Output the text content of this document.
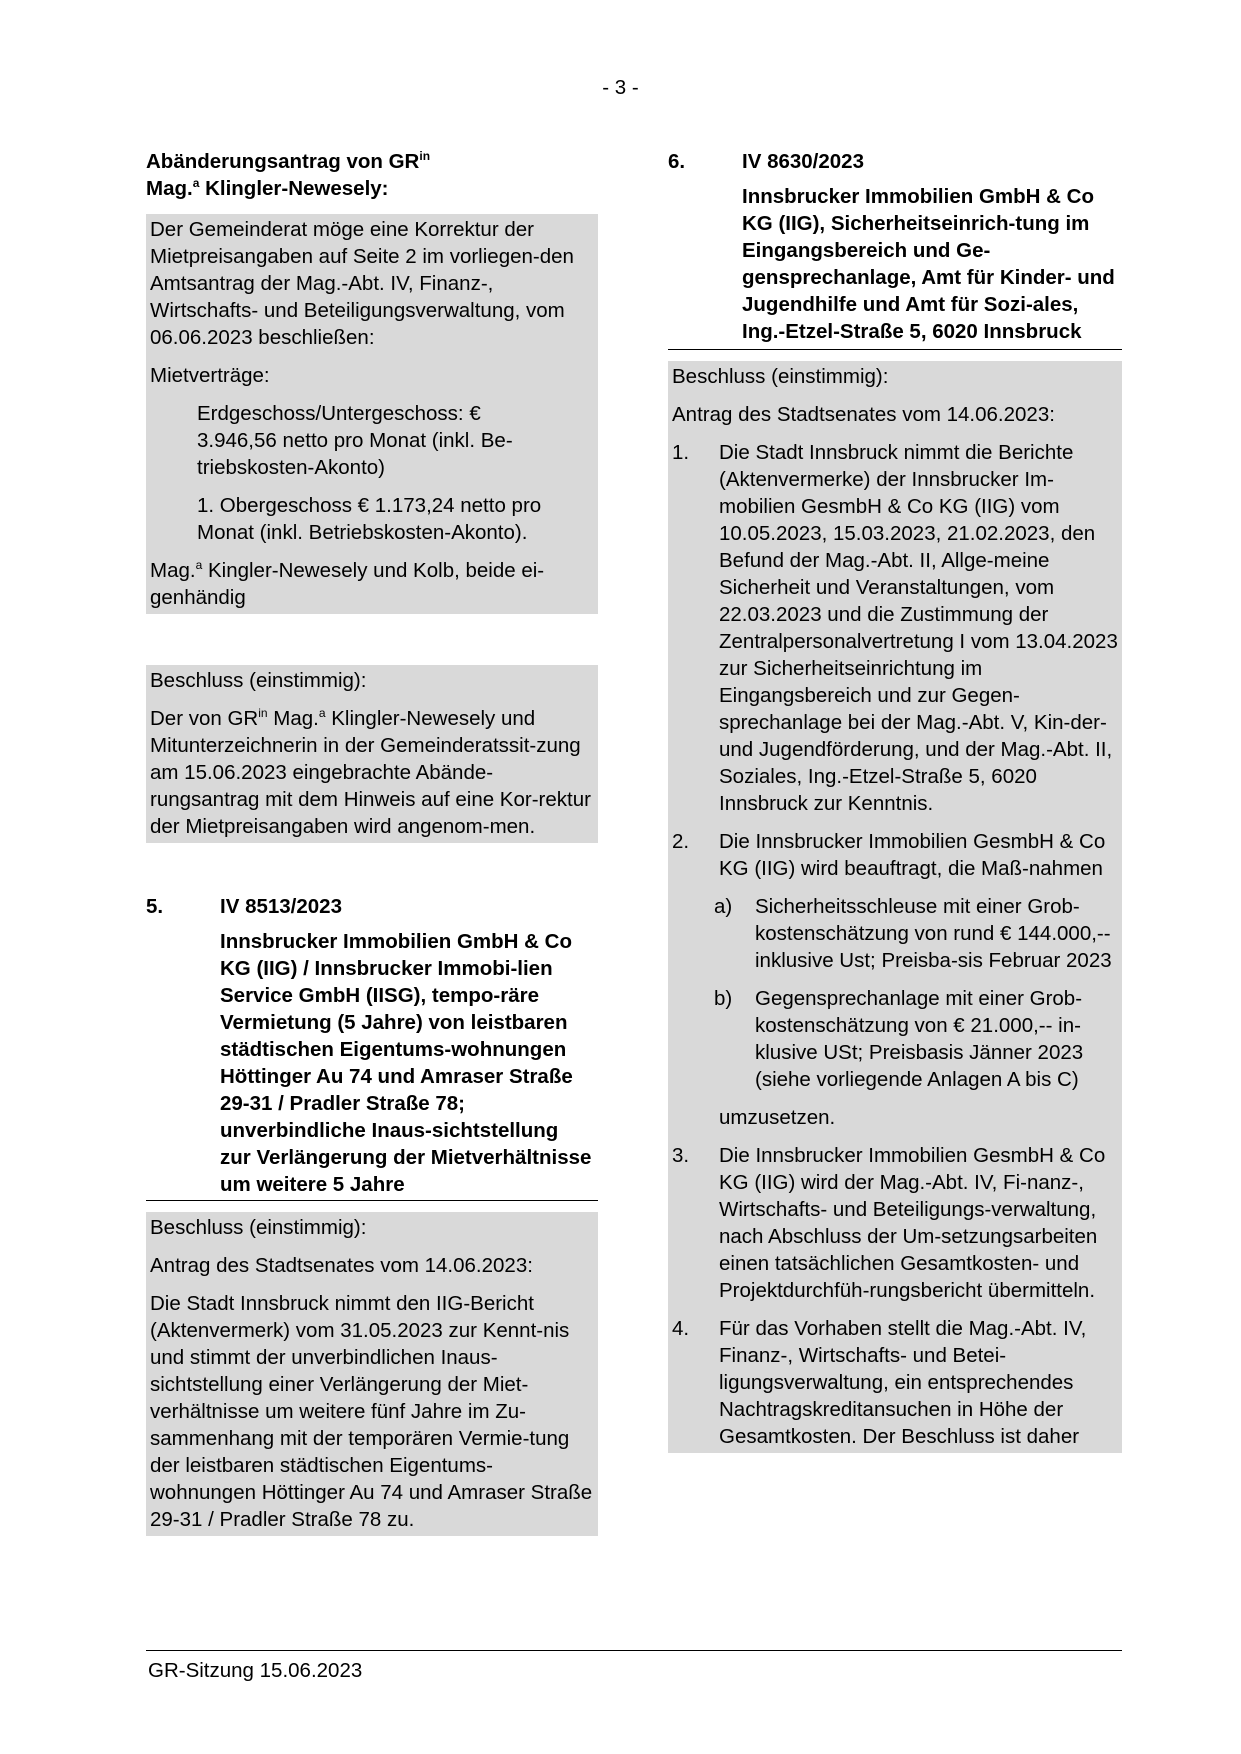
- 3 -
Abänderungsantrag von $GR^{in}$
Mag.$^a$ Klingler-Newesely:

Der Gemeinderat möge eine Korrektur der Mietpreisangaben auf Seite 2 im vorliegen-den Amtsantrag der Mag.-Abt. IV, Finanz-, Wirtschafts- und Beteiligungsverwaltung, vom 06.06.2023 beschließen:

Mietverträge:

Erdgeschoss/Untergeschoss: € 3.946,56 netto pro Monat (inkl. Be-triebskosten-Akonto)

1. Obergeschoss € 1.173,24 netto pro Monat (inkl. Betriebskosten-Akonto).

Mag.$^a$ Kingler-Newesely und Kolb, beide ei-genhändig

Beschluss (einstimmig):

Der von $GR^{in}$ Mag.$^a$ Klingler-Newesely und Mitunterzeichnerin in der Gemeinderatssit-zung am 15.06.2023 eingebrachte Abände-rungsantrag mit dem Hinweis auf eine Kor-rektur der Mietpreisangaben wird angenom-men.

5.	IV 8513/2023
Innsbrucker Immobilien GmbH & Co KG (IIG) / Innsbrucker Immobi-lien Service GmbH (IISG), tempo-räre Vermietung (5 Jahre) von leistbaren städtischen Eigentums-wohnungen Höttinger Au 74 und Amraser Straße 29-31 / Pradler Straße 78; unverbindliche Inaus-sichtstellung zur Verlängerung der Mietverhältnisse um weitere 5 Jahre

Beschluss (einstimmig):

Antrag des Stadtsenates vom 14.06.2023:

Die Stadt Innsbruck nimmt den IIG-Bericht (Aktenvermerk) vom 31.05.2023 zur Kennt-nis und stimmt der unverbindlichen Inaus-sichtstellung einer Verlängerung der Miet-verhältnisse um weitere fünf Jahre im Zu-sammenhang mit der temporären Vermie-tung der leistbaren städtischen Eigentums-wohnungen Höttinger Au 74 und Amraser Straße 29-31 / Pradler Straße 78 zu.

6.	IV 8630/2023
Innsbrucker Immobilien GmbH & Co KG (IIG), Sicherheitseinrich-tung im Eingangsbereich und Ge-gensprechanlage, Amt für Kinder- und Jugendhilfe und Amt für Sozi-ales, Ing.-Etzel-Straße 5, 6020 Innsbruck

Beschluss (einstimmig):

Antrag des Stadtsenates vom 14.06.2023:

1.	Die Stadt Innsbruck nimmt die Berichte (Aktenvermerke) der Innsbrucker Im-mobilien GesmbH & Co KG (IIG) vom 10.05.2023, 15.03.2023, 21.02.2023, den Befund der Mag.-Abt. II, Allge-meine Sicherheit und Veranstaltungen, vom 22.03.2023 und die Zustimmung der Zentralpersonalvertretung I vom 13.04.2023 zur Sicherheitseinrichtung im Eingangsbereich und zur Gegen-sprechanlage bei der Mag.-Abt. V, Kin-der- und Jugendförderung, und der Mag.-Abt. II, Soziales, Ing.-Etzel-Straße 5, 6020 Innsbruck zur Kenntnis.
2.	Die Innsbrucker Immobilien GesmbH & Co KG (IIG) wird beauftragt, die Maß-nahmen
a)	Sicherheitsschleuse mit einer Grob-kostenschätzung von rund € 144.000,-- inklusive Ust; Preisba-sis Februar 2023
b)	Gegensprechanlage mit einer Grob-kostenschätzung von € 21.000,-- in-klusive USt; Preisbasis Jänner 2023 (siehe vorliegende Anlagen A bis C)

umzusetzen.

3.	Die Innsbrucker Immobilien GesmbH & Co KG (IIG) wird der Mag.-Abt. IV, Fi-nanz-, Wirtschafts- und Beteiligungs-verwaltung, nach Abschluss der Um-setzungsarbeiten einen tatsächlichen Gesamtkosten- und Projektdurchfüh-rungsbericht übermitteln.
4.	Für das Vorhaben stellt die Mag.-Abt. IV, Finanz-, Wirtschafts- und Betei-ligungsverwaltung, ein entsprechendes Nachtragskreditansuchen in Höhe der Gesamtkosten. Der Beschluss ist daher
GR-Sitzung 15.06.2023
